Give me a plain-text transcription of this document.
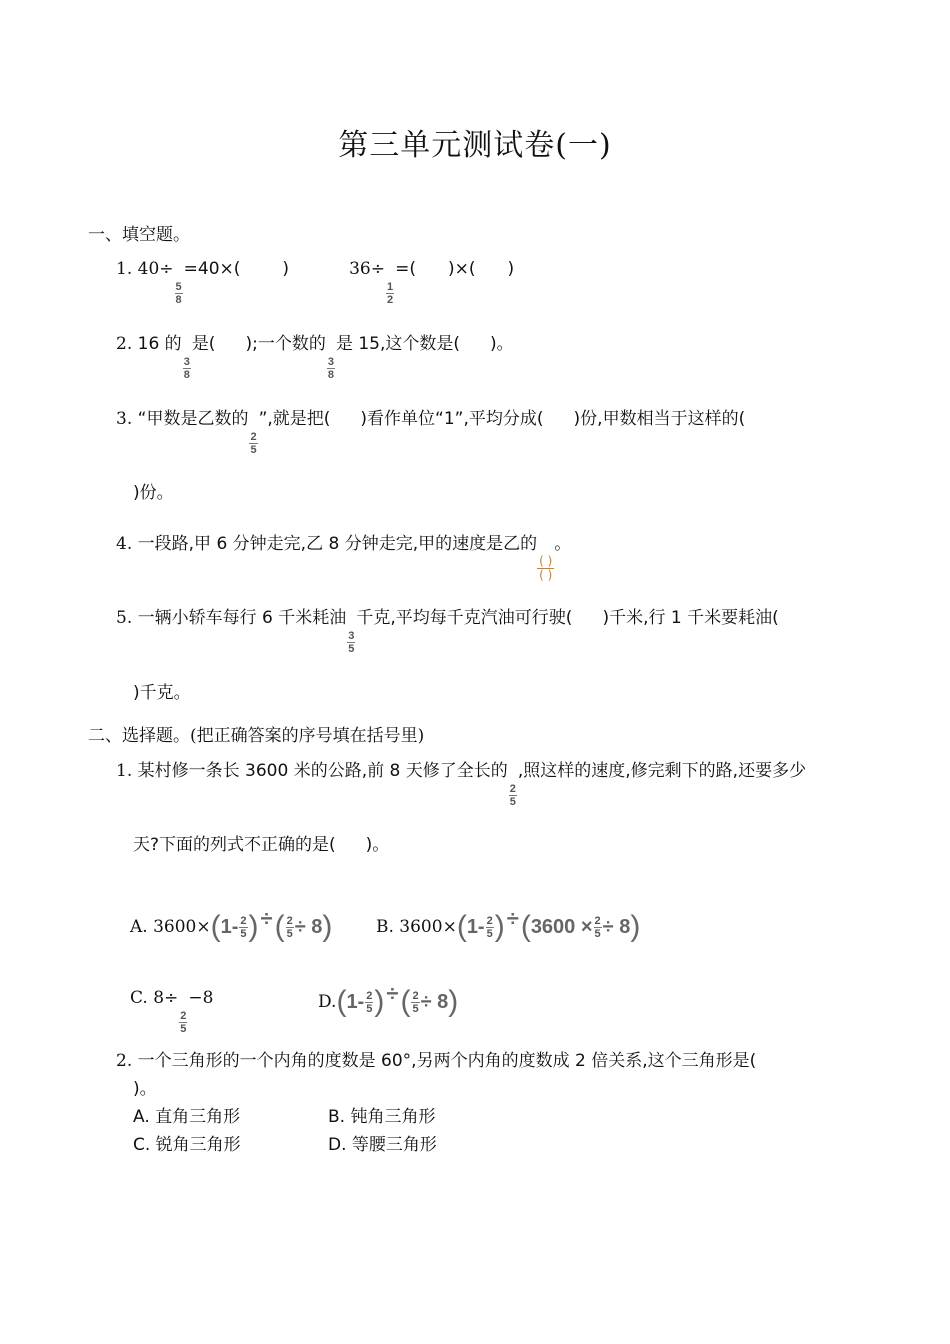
第三单元测试卷(一)
一、填空题。
1. 40÷
$\frac{5}{8}$
=40×( )	36÷
$\frac{1}{2}$
=( )×( )
2. 16 的
$\frac{3}{8}$
是( );一个数的
$\frac{3}{8}$
是 15,这个数是( )。
3. “甲数是乙数的
$\frac{2}{5}$
”,就是把( )看作单位“1”,平均分成( )份,甲数相当于这样的(
)份。
4. 一段路,甲 6 分钟走完,乙 8 分钟走完,甲的速度是乙的
( )
( )
。
5. 一辆小轿车每行 6 千米耗油
$\frac{3}{5}$
千克,平均每千克汽油可行驶( )千米,行 1 千米要耗油(
)千克。
二、选择题。(把正确答案的序号填在括号里)
1. 某村修一条长 3600 米的公路,前 8 天修了全长的
$\frac{2}{5}$
,照这样的速度,修完剩下的路,还要多少
天?下面的列式不正确的是( )。
A. 3600× ( $1- \frac{2}{5}$ ) ÷ ( $\frac{2}{5} \div 8$ )	B. 3600× ( $1- \frac{2}{5}$ ) ÷ ( $3600 \times \frac{2}{5} \div 8$ )
C. 8÷
$\frac{2}{5}$
−8	D. ( $1- \frac{2}{5}$ ) ÷ ( $\frac{2}{5} \div 8$ )
2. 一个三角形的一个内角的度数是 60°,另两个内角的度数成 2 倍关系,这个三角形是(
)。
A. 直角三角形	B. 钝角三角形
C. 锐角三角形	D. 等腰三角形
